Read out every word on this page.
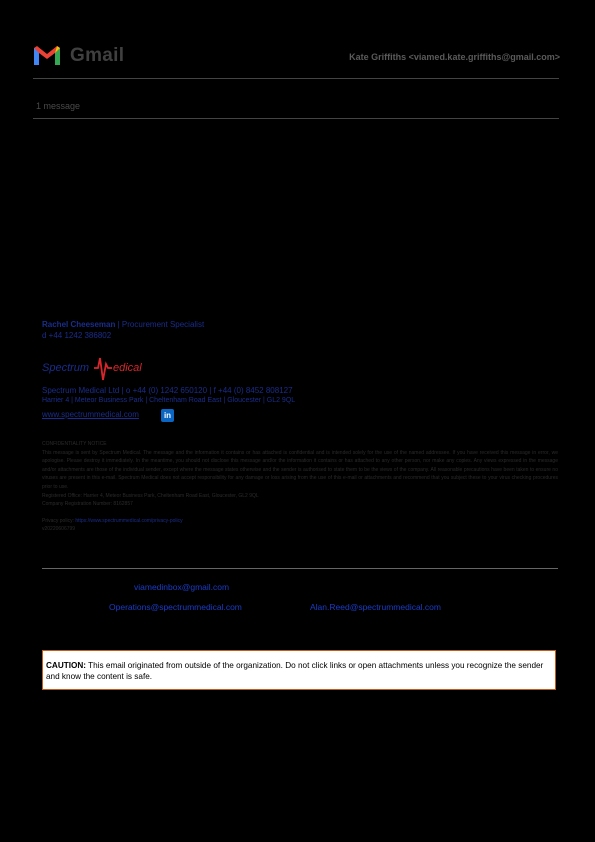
Gmail	Kate Griffiths <viamed.kate.griffiths@gmail.com>
1 message
Rachel Cheeseman | Procurement Specialist
d +44 1242 386802
Spectrum edical
Spectrum Medical Ltd | o +44 (0) 1242 650120 | f +44 (0) 8452 808127
Harrier 4 | Meteor Business Park | Cheltenham Road East | Gloucester | GL2 9QL
www.spectrummedical.com	in
CONFIDENTIALITY NOTICE
This message is sent by Spectrum Medical. The message and the information it contains or has attached is confidential and is intended solely for the use of the named addressee. If you have received this message in error, we apologise. Please destroy it immediately. In the meantime, you should not disclose this message and/or the information it contains or has attached to any other person, nor make any copies. Any views expressed in the message and/or attachments are those of the individual sender, except where the message states otherwise and the sender is authorised to state them to be the views of the company. All reasonable precautions have been taken to ensure no viruses are present in this e-mail. Spectrum Medical does not accept responsibility for any damage or loss arising from the use of this e-mail or attachments and recommend that you subject these to your virus checking procedures prior to use.
Registered Office: Harrier 4, Meteor Business Park, Cheltenham Road East, Gloucester, GL2 9QL
Company Registration Number: 8162857
Privacy policy: https://www.spectrummedical.com/privacy-policy
v20220606799
viamedinbox@gmail.com
Operations@spectrummedical.com	Alan.Reed@spectrummedical.com
CAUTION: This email originated from outside of the organization. Do not click links or open attachments unless you recognize the sender and know the content is safe.
